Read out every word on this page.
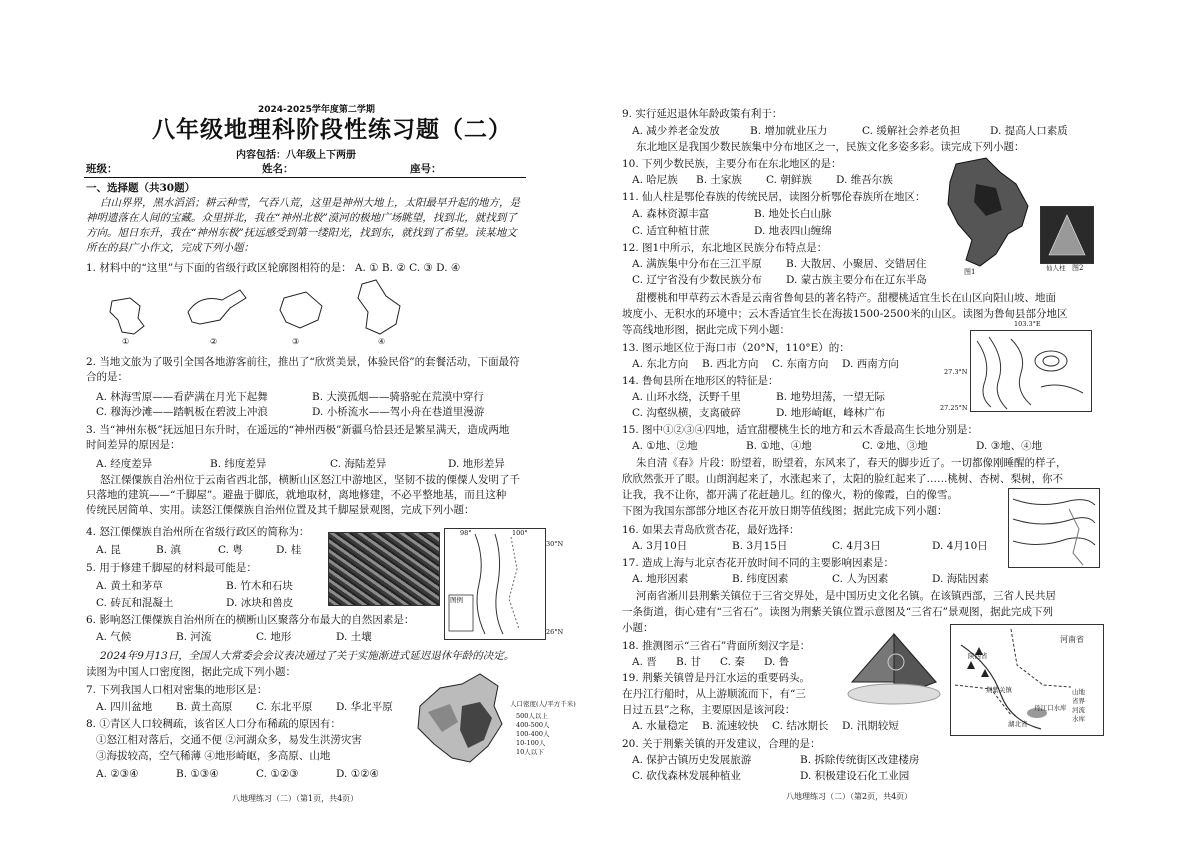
2024-2025学年度第二学期
八年级地理科阶段性练习题（二）
内容包括：八年级上下两册
班级：	姓名：	座号：
一、选择题（共30题）
白山界界，黑水滔滔；耕云种雪，气吞八荒，这里是神州大地上，太阳最早升起的地方，是
神明遗落在人间的宝藏。众里拼北，我在“神州北极”漠河的极地广场眺望，找到北，就找到了
方向。旭日东升，我在“神州东极”抚远感受到第一缕阳光，找到东，就找到了希望。读某地文
所在的县广小作文，完成下列小题：
1. 材料中的“这里”与下面的省级行政区轮廓图相符的是： A. ① B. ② C. ③ D. ④
①	②	③	④
2. 当地文旅为了吸引全国各地游客前往，推出了“欣赏美景，体验民俗”的套餐活动，下面最符
合的是：
A. 林海雪原——看萨满在月光下起舞	B. 大漠孤烟——骑骆驼在荒漠中穿行
C. 穆海沙滩——踏帆板在碧波上冲浪	D. 小桥流水——驾小舟在巷道里漫游
3. 当“神州东极”抚远旭日东升时，在遥远的“神州西极”新疆乌恰县还是繁星满天，造成两地
时间差异的原因是：
A. 经度差异	B. 纬度差异	C. 海陆差异	D. 地形差异
怒江傈僳族自治州位于云南省西北部，横断山区怒江中游地区，坚韧不拔的傈僳人发明了千
只落地的建筑——“千脚屋”。避蛊于脚底，就地取材，离地修建，不必平整地基，而且这种
传统民居简单、实用。读怒江傈僳族自治州位置及其千脚屋景观图，完成下列小题：
4. 怒江傈僳族自治州所在省级行政区的简称为：
A. 昆	B. 滇	C. 粤	D. 桂
5. 用于修建千脚屋的材料最可能是：
A. 黄土和茅草	B. 竹木和石块
C. 砖瓦和混凝土	D. 冰块和兽皮
98°	100°
30°N
26°N
图例
6. 影响怒江傈僳族自治州所在的横断山区聚落分布最大的自然因素是：
A. 气候	B. 河流	C. 地形	D. 土壤
2024年9月13日，全国人大常委会会议表决通过了关于实施渐进式延迟退休年龄的决定。
读图为中国人口密度图，据此完成下列小题：
7. 下列我国人口相对密集的地形区是：
A. 四川盆地 B. 黄土高原 C. 东北平原 D. 华北平原
8. ①青区人口较稠疏，该省区人口分布稀疏的原因有：
①怒江相对落后，交通不便 ②河湖众多，易发生洪涝灾害
③海拔较高，空气稀薄 ④地形崎岖，多高原、山地
A. ②③④	B. ①③④	C. ①②③	D. ①②④
人口密度(人/平方千米)
500人以上
400-500人
100-400人
10-100人
10人以下
八地理练习（二）（第1页，共4页）
9. 实行延迟退休年龄政策有利于：
A. 减少养老金发放	B. 增加就业压力	C. 缓解社会养老负担	D. 提高人口素质
东北地区是我国少数民族集中分布地区之一，民族文化多姿多彩。读完成下列小题：
10. 下列少数民族，主要分布在东北地区的是：
A. 哈尼族 B. 土家族 C. 朝鲜族 D. 维吾尔族
11. 仙人柱是鄂伦春族的传统民居，读图分析鄂伦春族所在地区：
A. 森林资源丰富	B. 地处长白山脉
C. 适宜种植甘蔗	D. 地表四山缠绵
12. 图1中所示，东北地区民族分布特点是：
A. 满族集中分布在三江平原 B. 大散居、小聚居、交错居住
C. 辽宁省没有少数民族分布 D. 蒙古族主要分布在辽东半岛
图1	仙人柱 图2
甜樱桃和甲草药云木香是云南省鲁甸县的著名特产。甜樱桃适宜生长在山区向阳山坡、地面
坡度小、无积水的环境中；云木香适宜生长在海拔1500-2500米的山区。读图为鲁甸县部分地区
等高线地形图，据此完成下列小题：	103.3°E
27.3°N
27.25°N
13. 图示地区位于海口市（20°N，110°E）的：
A. 东北方向 B. 西北方向 C. 东南方向 D. 西南方向
14. 鲁甸县所在地形区的特征是：
A. 山环水绕，沃野千里	B. 地势坦荡，一望无际
C. 沟壑纵横，支离破碎	D. 地形崎岖，峰林广布
15. 图中①②③④四地，适宜甜樱桃生长的地方和云木香最高生长地分别是：
A. ①地、②地	B. ①地、④地	C. ②地、③地	D. ③地、④地
朱自清《春》片段：盼望着，盼望着，东风来了，春天的脚步近了。一切都像刚睡醒的样子，
欣欣然张开了眼。山朗润起来了，水涨起来了，太阳的脸红起来了……桃树、杏树、梨树，你不
让我，我不让你，都开满了花赶趟儿。红的像火，粉的像霞，白的像雪。
下图为我国东部部分地区杏花开放日期等值线图；据此完成下列小题：
16. 如果去青岛欣赏杏花，最好选择：
A. 3月10日	B. 3月15日	C. 4月3日	D. 4月10日
17. 造成上海与北京杏花开放时间不同的主要影响因素是：
A. 地形因素	B. 纬度因素	C. 人为因素	D. 海陆因素
河南省淅川县荆紫关镇位于三省交界处，是中国历史文化名镇。在该镇西部，三省人民共居
一条街道，街心建有“三省石”。读图为荆紫关镇位置示意图及“三省石”景观图，据此完成下列
小题：
18. 推测图示“三省石”背面所刻汉字是：
A. 晋 B. 甘 C. 秦 D. 鲁
河南省
陕西省
湖北省
荆紫关镇
丹江口水库
山地
省界
河流
水库
19. 荆紫关镇曾是丹江水运的重要码头。
在丹江行船时，从上游顺流而下，有“三
日过五县”之称，主要原因是该河段：
A. 水量稳定 B. 流速较快 C. 结冰期长 D. 汛期较短
20. 关于荆紫关镇的开发建议，合理的是：
A. 保护古镇历史发展旅游	B. 拆除传统街区改建楼房
C. 砍伐森林发展种植业	D. 积极建设石化工业园
八地理练习（二）（第2页，共4页）
